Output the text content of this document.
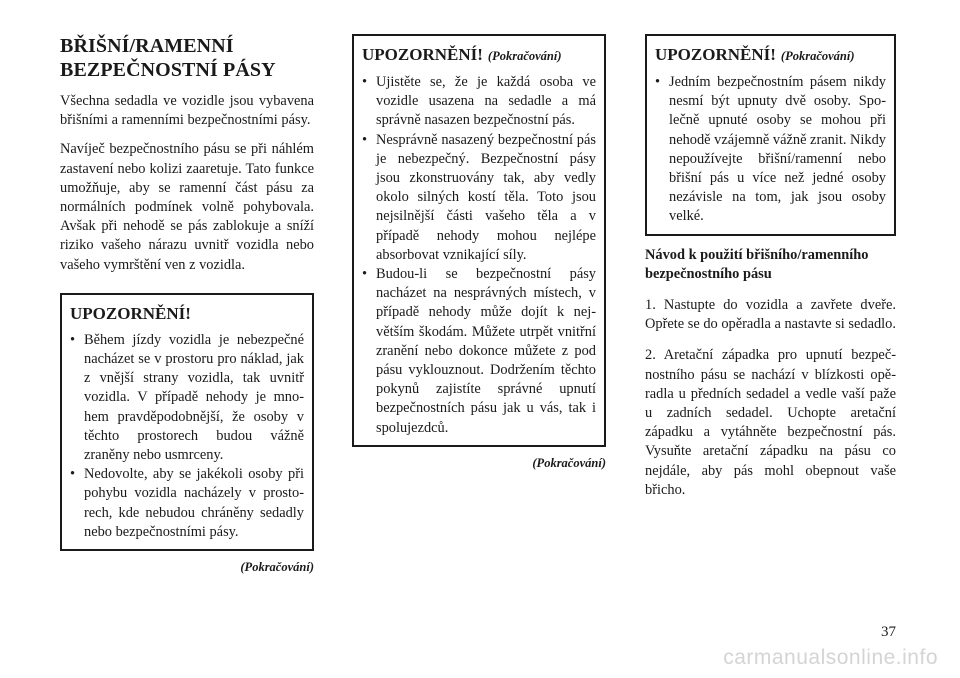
BŘIŠNÍ/RAMENNÍ
BEZPEČNOSTNÍ PÁSY

Všechna sedadla ve vozidle jsou vybavena břišními a ramenními bezpečnostními pásy.

Navíječ bezpečnostního pásu se při náhlém zastavení nebo kolizi zaaretuje. Tato funkce umožňuje, aby se ramenní část pásu za normálních podmínek volně pohybovala. Avšak při nehodě se pás zablokuje a sníží riziko vašeho nárazu uvnitř vozidla nebo vašeho vymrštění ven z vozidla.

UPOZORNĚNÍ!
• Během jízdy vozidla je nebezpečné nacházet se v prostoru pro náklad, jak z vnější strany vozidla, tak uvnitř vozidla. V případě nehody je mnohem pravděpodobnější, že osoby v těchto prostorech budou vážně zraněny nebo usmrceny.
• Nedovolte, aby se jakékoli osoby při pohybu vozidla nacházely v prostorech, kde nebudou chráněny sedadly nebo bezpečnostními pásy.
(Pokračování)
UPOZORNĚNÍ! (Pokračování)
• Ujistěte se, že je každá osoba ve vozidle usazena na sedadle a má správně nasazen bezpečnostní pás.
• Nesprávně nasazený bezpečnostní pás je nebezpečný. Bezpečnostní pásy jsou zkonstruovány tak, aby vedly okolo silných kostí těla. Toto jsou nejsilnější části vašeho těla a v případě nehody mohou nejlépe absorbovat vznikající síly.
• Budou-li se bezpečnostní pásy nacházet na nesprávných místech, v případě nehody může dojít k největším škodám. Můžete utrpět vnitřní zranění nebo dokonce můžete z pod pásu vyklouznout. Dodržením těchto pokynů zajistíte správné upnutí bezpečnostních pásu jak u vás, tak i spolujezdců.
(Pokračování)
UPOZORNĚNÍ! (Pokračování)
• Jedním bezpečnostním pásem nikdy nesmí být upnuty dvě osoby. Společně upnuté osoby se mohou při nehodě vzájemně vážně zranit. Nikdy nepoužívejte břišní/ramenní nebo břišní pás u více než jedné osoby nezávisle na tom, jak jsou osoby velké.
Návod k použití břišního/ramenního bezpečnostního pásu

1. Nastupte do vozidla a zavřete dveře. Opřete se do opěradla a nastavte si sedadlo.

2. Aretační západka pro upnutí bezpečnostního pásu se nachází v blízkosti opěradla u předních sedadel a vedle vaší paže u zadních sedadel. Uchopte aretační západku a vytáhněte bezpečnostní pás. Vysuňte aretační západku na pásu co nejdále, aby pás mohl obepnout vaše břicho.

37
carmanualsonline.info
